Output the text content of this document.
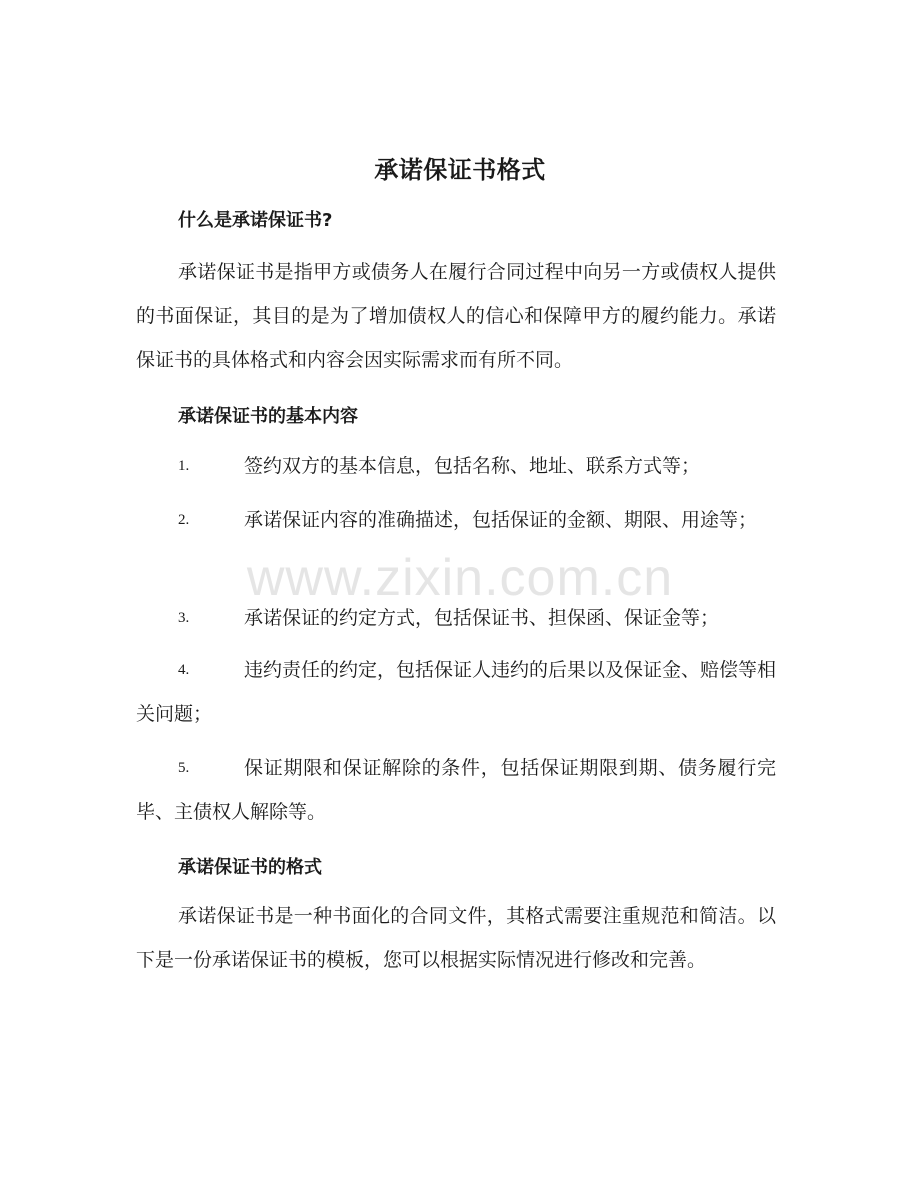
承诺保证书格式
什么是承诺保证书?
承诺保证书是指甲方或债务人在履行合同过程中向另一方或债权人提供的书面保证，其目的是为了增加债权人的信心和保障甲方的履约能力。承诺保证书的具体格式和内容会因实际需求而有所不同。
承诺保证书的基本内容
1.	签约双方的基本信息，包括名称、地址、联系方式等；
2.	承诺保证内容的准确描述，包括保证的金额、期限、用途等；
3.	承诺保证的约定方式，包括保证书、担保函、保证金等；
4.	违约责任的约定，包括保证人违约的后果以及保证金、赔偿等相关问题；
5.	保证期限和保证解除的条件，包括保证期限到期、债务履行完毕、主债权人解除等。
承诺保证书的格式
承诺保证书是一种书面化的合同文件，其格式需要注重规范和简洁。以下是一份承诺保证书的模板，您可以根据实际情况进行修改和完善。
www.zixin.com.cn
